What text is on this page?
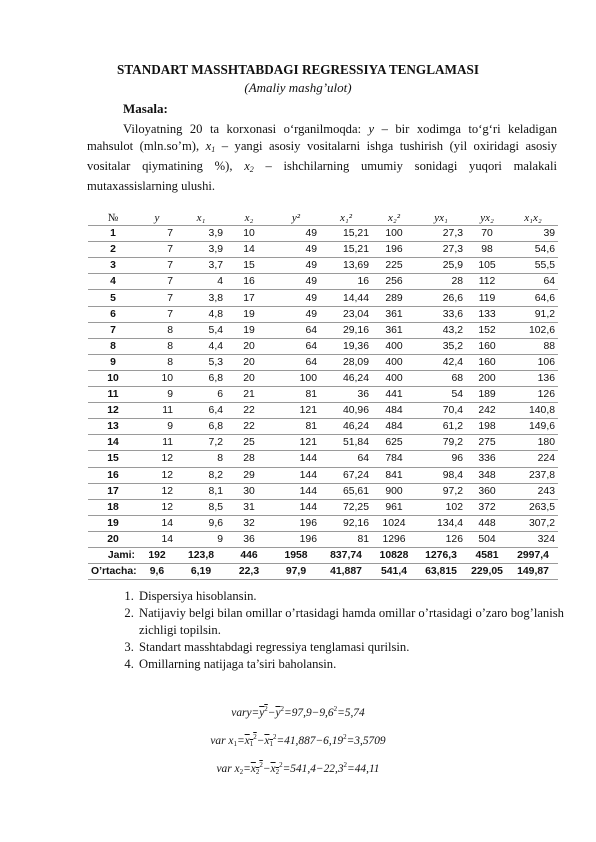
STANDART MASSHTABDAGI REGRESSIYA TENGLAMASI
(Amaliy mashg’ulot)
Masala:
Viloyatning 20 ta korxonasi o‘rganilmoqda: y – bir xodimga to‘g‘ri keladigan mahsulot (mln.so’m), $x_1$ – yangi asosiy vositalarni ishga tushirish (yil oxiridagi asosiy vositalar qiymatining %), $x_2$ – ishchilarning umumiy sonidagi yuqori malakali mutaxassislarning ulushi.
№	y	x₁	x₂	y²	x₁²	x₂²	yx₁	yx₂	x₁x₂
1	7	3,9	10	49	15,21	100	27,3	70	39
2	7	3,9	14	49	15,21	196	27,3	98	54,6
3	7	3,7	15	49	13,69	225	25,9	105	55,5
4	7	4	16	49	16	256	28	112	64
5	7	3,8	17	49	14,44	289	26,6	119	64,6
6	7	4,8	19	49	23,04	361	33,6	133	91,2
7	8	5,4	19	64	29,16	361	43,2	152	102,6
8	8	4,4	20	64	19,36	400	35,2	160	88
9	8	5,3	20	64	28,09	400	42,4	160	106
10	10	6,8	20	100	46,24	400	68	200	136
11	9	6	21	81	36	441	54	189	126
12	11	6,4	22	121	40,96	484	70,4	242	140,8
13	9	6,8	22	81	46,24	484	61,2	198	149,6
14	11	7,2	25	121	51,84	625	79,2	275	180
15	12	8	28	144	64	784	96	336	224
16	12	8,2	29	144	67,24	841	98,4	348	237,8
17	12	8,1	30	144	65,61	900	97,2	360	243
18	12	8,5	31	144	72,25	961	102	372	263,5
19	14	9,6	32	196	92,16	1024	134,4	448	307,2
20	14	9	36	196	81	1296	126	504	324
Jami:	192	123,8	446	1958	837,74	10828	1276,3	4581	2997,4
O’rtacha:	9,6	6,19	22,3	97,9	41,887	541,4	63,815	229,05	149,87
1. Dispersiya hisoblansin.
2. Natijaviy belgi bilan omillar o’rtasidagi hamda omillar o’rtasidagi o’zaro bog’lanish zichligi topilsin.
3. Standart masshtabdagi regressiya tenglamasi qurilsin.
4. Omillarning natijaga ta’siri baholansin.
$vary=y^2-\overline{y}^2=97,9-9,6^2=5,74$
var $x1=x1^2-x1^2=41,887-6,19^2=3,5709$
var $x2=x2^2-x2^2=541,4-22,3^2=44,11$
